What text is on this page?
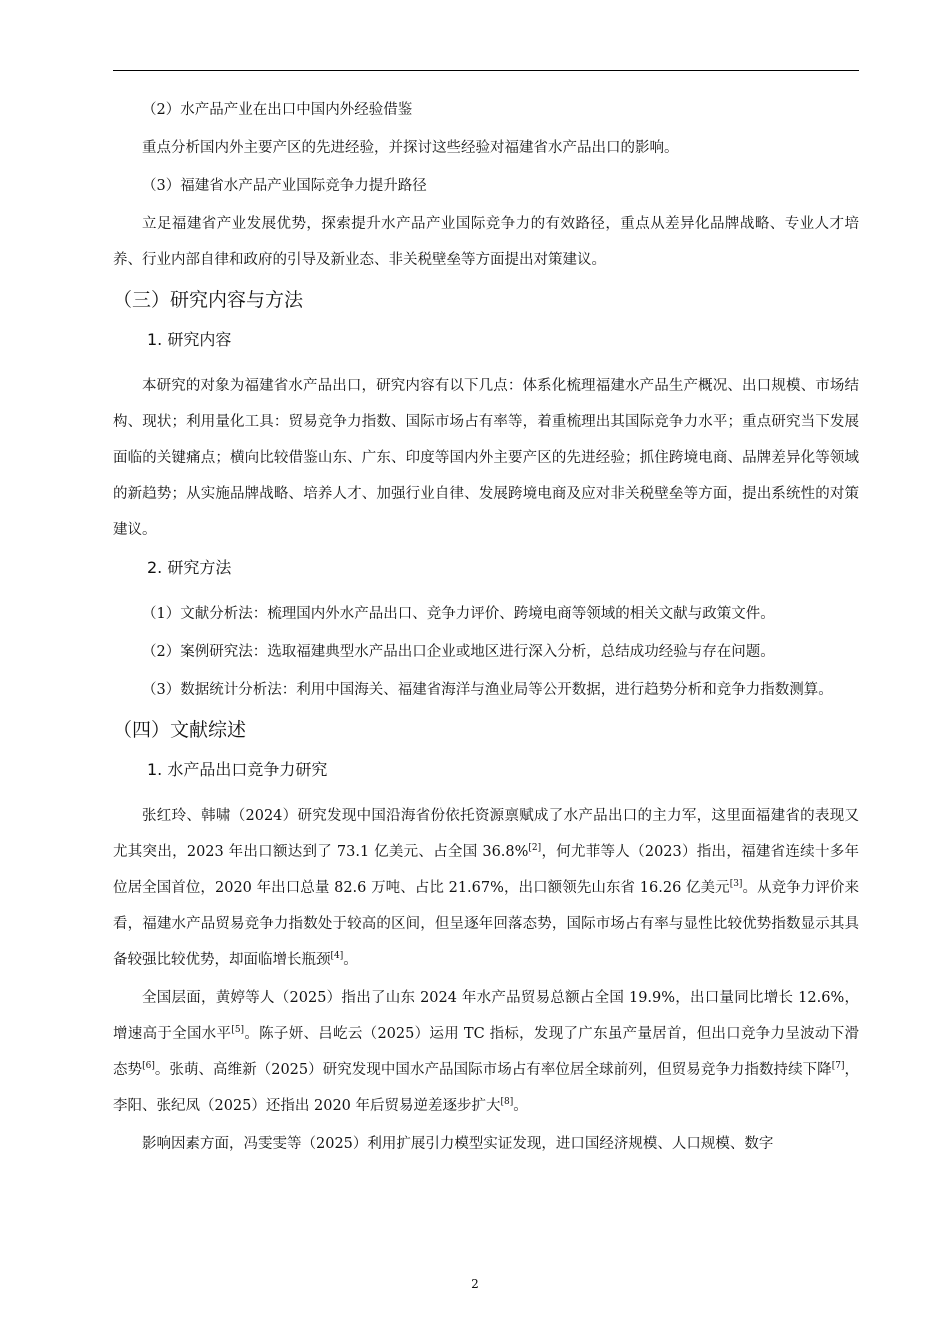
（2）水产品产业在出口中国内外经验借鉴

重点分析国内外主要产区的先进经验，并探讨这些经验对福建省水产品出口的影响。

（3）福建省水产品产业国际竞争力提升路径

立足福建省产业发展优势，探索提升水产品产业国际竞争力的有效路径，重点从差异化品牌战略、专业人才培养、行业内部自律和政府的引导及新业态、非关税壁垒等方面提出对策建议。

（三）研究内容与方法
1. 研究内容

本研究的对象为福建省水产品出口，研究内容有以下几点：体系化梳理福建水产品生产概况、出口规模、市场结构、现状；利用量化工具：贸易竞争力指数、国际市场占有率等，着重梳理出其国际竞争力水平；重点研究当下发展面临的关键痛点；横向比较借鉴山东、广东、印度等国内外主要产区的先进经验；抓住跨境电商、品牌差异化等领域的新趋势；从实施品牌战略、培养人才、加强行业自律、发展跨境电商及应对非关税壁垒等方面，提出系统性的对策建议。

2. 研究方法

（1）文献分析法：梳理国内外水产品出口、竞争力评价、跨境电商等领域的相关文献与政策文件。

（2）案例研究法：选取福建典型水产品出口企业或地区进行深入分析，总结成功经验与存在问题。

（3）数据统计分析法：利用中国海关、福建省海洋与渔业局等公开数据，进行趋势分析和竞争力指数测算。

（四）文献综述
1. 水产品出口竞争力研究

张红玲、韩啸（2024）研究发现中国沿海省份依托资源禀赋成了水产品出口的主力军，这里面福建省的表现又尤其突出，2023 年出口额达到了 73.1 亿美元、占全国 36.8%[2]，何尤菲等人（2023）指出，福建省连续十多年位居全国首位，2020 年出口总量 82.6 万吨、占比 21.67%，出口额领先山东省 16.26 亿美元[3]。从竞争力评价来看，福建水产品贸易竞争力指数处于较高的区间，但呈逐年回落态势，国际市场占有率与显性比较优势指数显示其具备较强比较优势，却面临增长瓶颈[4]。

全国层面，黄婷等人（2025）指出了山东 2024 年水产品贸易总额占全国 19.9%，出口量同比增长 12.6%，增速高于全国水平[5]。陈子妍、吕屹云（2025）运用 TC 指标，发现了广东虽产量居首，但出口竞争力呈波动下滑态势[6]。张萌、高维新（2025）研究发现中国水产品国际市场占有率位居全球前列，但贸易竞争力指数持续下降[7]，李阳、张纪凤（2025）还指出 2020 年后贸易逆差逐步扩大[8]。

影响因素方面，冯雯雯等（2025）利用扩展引力模型实证发现，进口国经济规模、人口规模、数字

2
